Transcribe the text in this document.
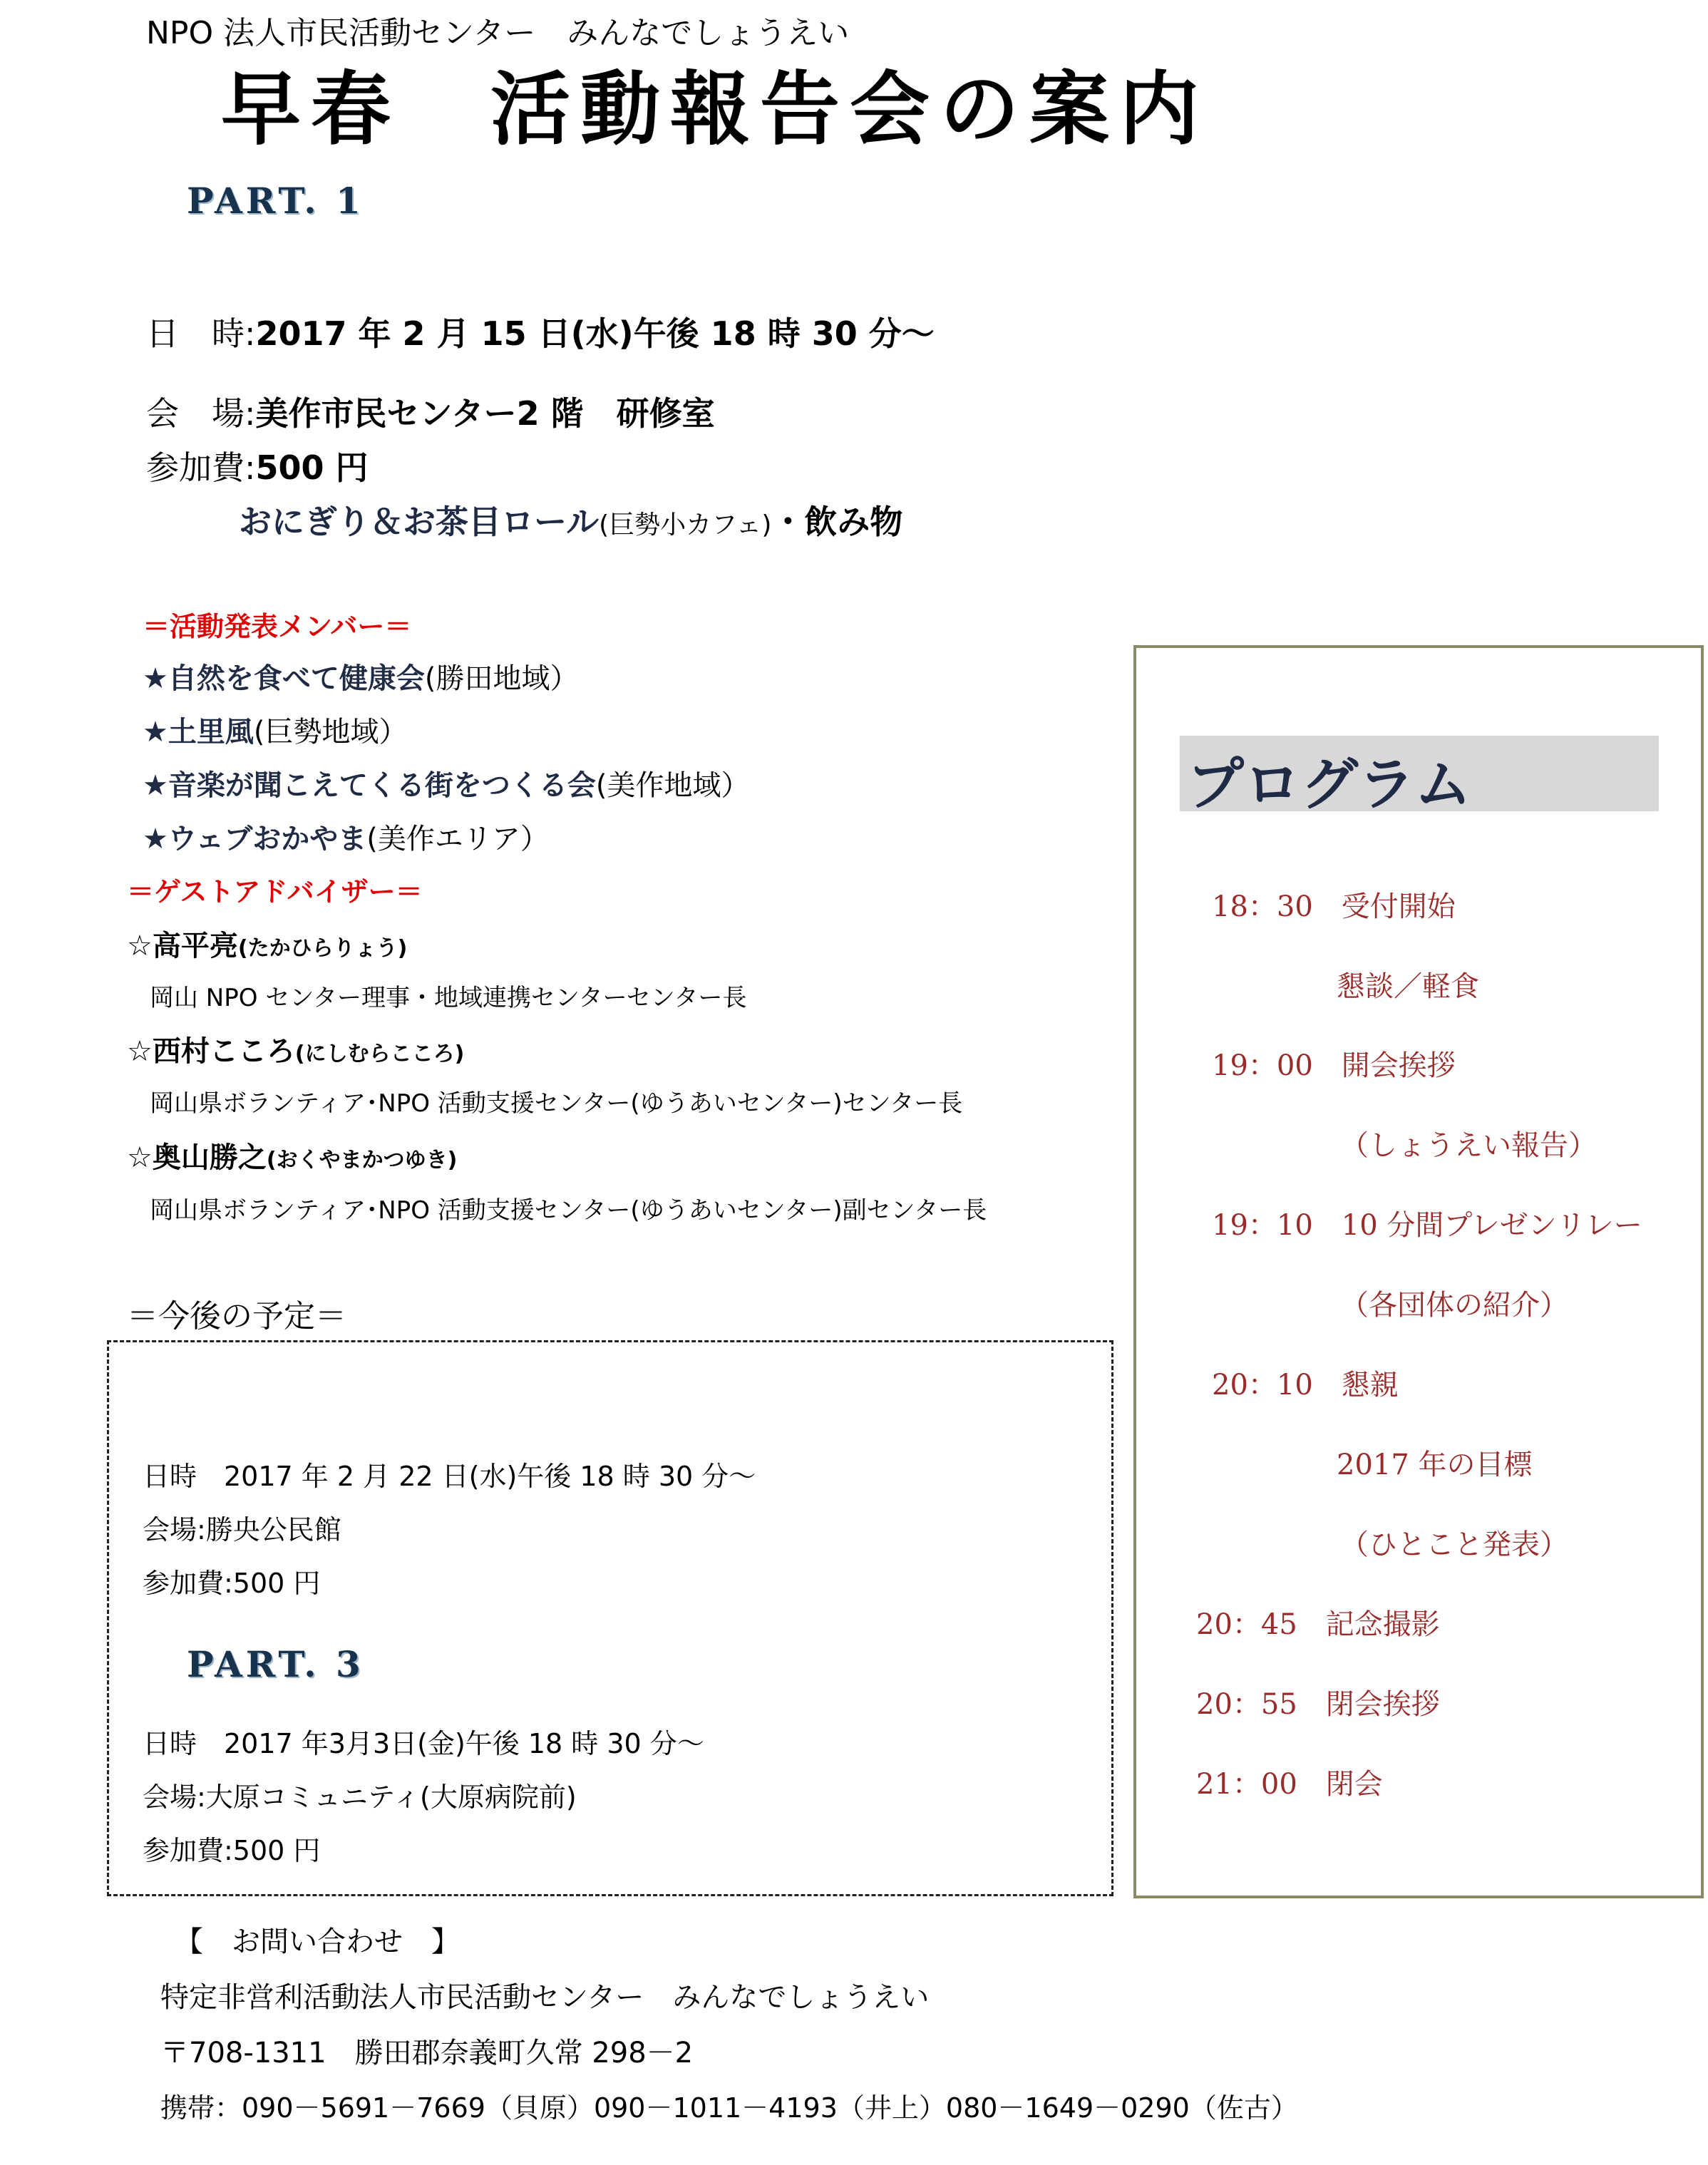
NPO 法人市民活動センター　みんなでしょうえい
早春　活動報告会の案内
PART. 1
日　時:2017 年 2 月 15 日(水)午後 18 時 30 分～
会　場:美作市民センター2 階　研修室
参加費:500 円
おにぎり＆お茶目ロール(巨勢小カフェ)・飲み物
＝活動発表メンバー＝
★自然を食べて健康会(勝田地域）
★土里風(巨勢地域）
★音楽が聞こえてくる街をつくる会(美作地域）
★ウェブおかやま(美作エリア）
＝ゲストアドバイザー＝
☆高平亮(たかひらりょう)
岡山 NPO センター理事・地域連携センターセンター長
☆西村こころ(にしむらこころ)
岡山県ボランティア･NPO 活動支援センター(ゆうあいセンター)センター長
☆奥山勝之(おくやまかつゆき)
岡山県ボランティア･NPO 活動支援センター(ゆうあいセンター)副センター長
＝今後の予定＝
日時　2017 年 2 月 22 日(水)午後 18 時 30 分～
会場:勝央公民館
参加費:500 円
PART. 3
日時　2017 年3月3日(金)午後 18 時 30 分～
会場:大原コミュニティ(大原病院前)
参加費:500 円
プログラム
18：30　受付開始
懇談／軽食
19：00　開会挨拶
（しょうえい報告）
19：10　10 分間プレゼンリレー
（各団体の紹介）
20：10　懇親
2017 年の目標
（ひとこと発表）
20：45　記念撮影
20：55　閉会挨拶
21：00　閉会
【　お問い合わせ　】
特定非営利活動法人市民活動センター　みんなでしょうえい
〒708-1311　勝田郡奈義町久常 298－2
携帯：090－5691－7669（貝原）090－1011－4193（井上）080－1649－0290（佐古）
